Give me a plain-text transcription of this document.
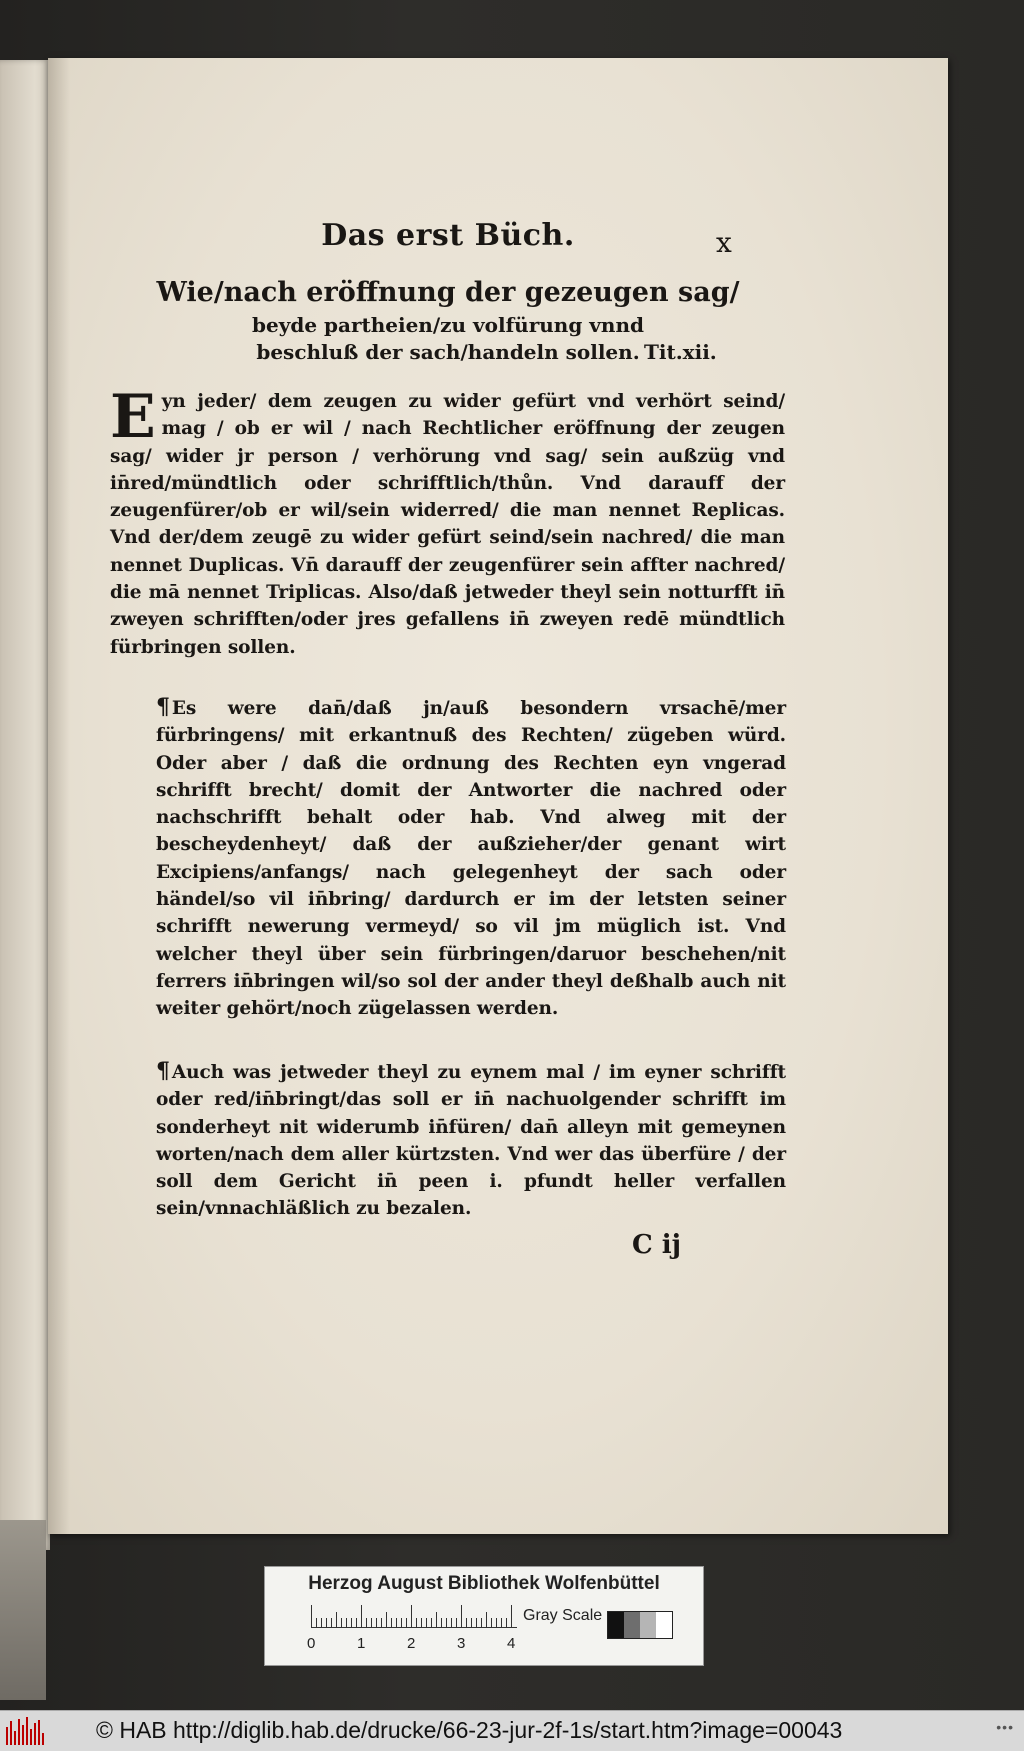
Das erst Büch.	x
Wie/nach eröffnung der gezeugen sag/
beyde partheien/zu volfürung vnnd beschluß der sach/handeln sollen. Tit.xii.
Eyn jeder/ dem zeugen zu wider gefürt vnd verhört seind/ mag / ob er wil / nach Rechtlicher eröffnung der zeugen sag/ wider jr person / verhörung vnd sag/ sein außzüg vnd in̄red/mündtlich oder schrifftlich/thůn. Vnd darauff der zeugenfürer/ob er wil/sein widerred/ die man nennet Replicas. Vnd der/dem zeugē zu wider gefürt seind/sein nachred/ die man nennet Duplicas. Vn̄ darauff der zeugenfürer sein affter nachred/ die mā nennet Triplicas. Also/daß jetweder theyl sein notturfft in̄ zweyen schrifften/oder jres gefallens in̄ zweyen redē mündtlich fürbringen sollen.
¶ Es were dan̄/daß jn/auß besondern vrsachē/mer fürbringens/ mit erkantnuß des Rechten/ zügeben würd. Oder aber / daß die ordnung des Rechten eyn vngerad schrifft brecht/ domit der Antworter die nachred oder nachschrifft behalt oder hab. Vnd alweg mit der bescheydenheyt/ daß der außzieher/der genant wirt Excipiens/anfangs/ nach gelegenheyt der sach oder händel/so vil in̄bring/ dardurch er im der letsten seiner schrifft newerung vermeyd/ so vil jm müglich ist. Vnd welcher theyl über sein fürbringen/daruor beschehen/nit ferrers in̄bringen wil/so sol der ander theyl deßhalb auch nit weiter gehört/noch zügelassen werden.
¶ Auch was jetweder theyl zu eynem mal / im eyner schrifft oder red/in̄bringt/das soll er in̄ nachuolgender schrifft im sonderheyt nit widerumb in̄füren/ dan̄ alleyn mit gemeynen worten/nach dem aller kürtzsten. Vnd wer das überfüre / der soll dem Gericht in̄ peen i. pfundt heller verfallen sein/vnnachläßlich zu bezalen.
C ij
Herzog August Bibliothek Wolfenbüttel
0	1	2	3	4
Gray Scale
© HAB http://diglib.hab.de/drucke/66-23-jur-2f-1s/start.htm?image=00043	•••
